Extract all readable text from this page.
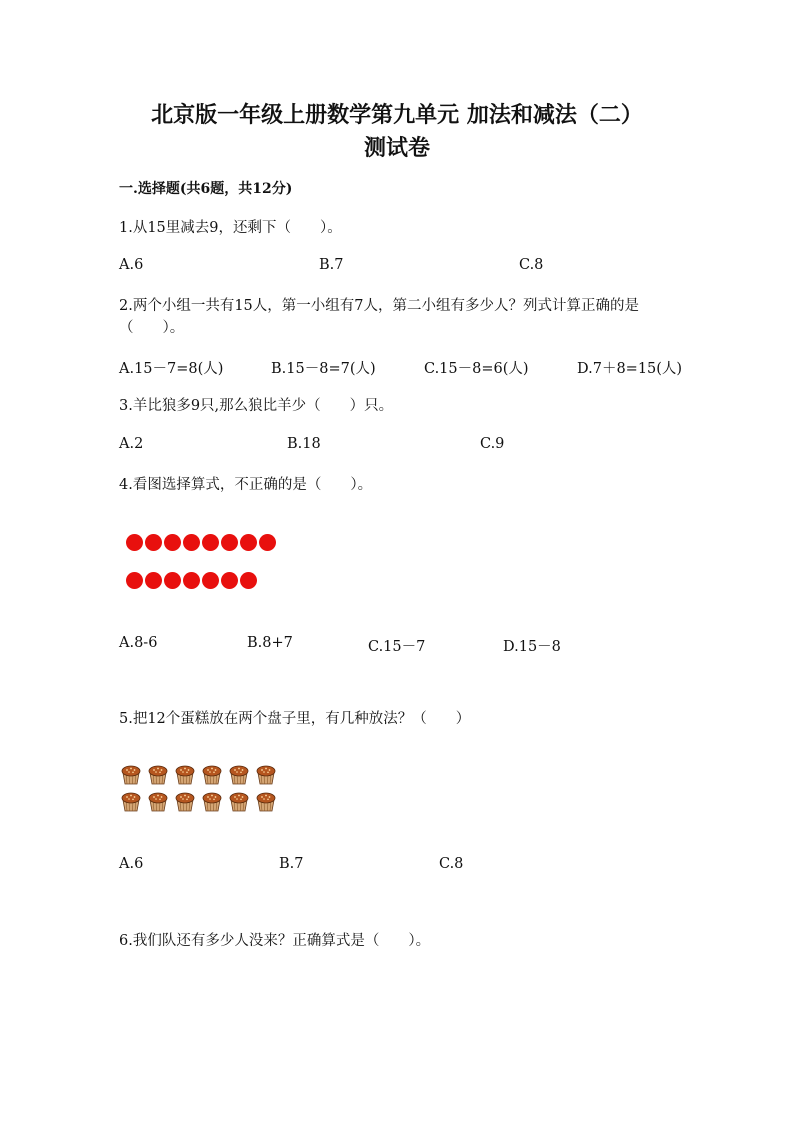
北京版一年级上册数学第九单元 加法和减法（二）
测试卷
一.选择题(共6题，共12分)
1.从15里减去9，还剩下（　　）。
A.6	B.7	C.8
2.两个小组一共有15人，第一小组有7人，第二小组有多少人？列式计算正确的是（　　）。
A.15－7=8(人)	B.15－8=7(人)	C.15－8=6(人)	D.7＋8=15(人)
3.羊比狼多9只,那么狼比羊少（　　）只。
A.2	B.18	C.9
4.看图选择算式，不正确的是（　　）。
A.8-6	B.8+7	C.15－7	D.15－8
5.把12个蛋糕放在两个盘子里，有几种放法？（　　）
A.6	B.7	C.8
6.我们队还有多少人没来？正确算式是（　　）。
